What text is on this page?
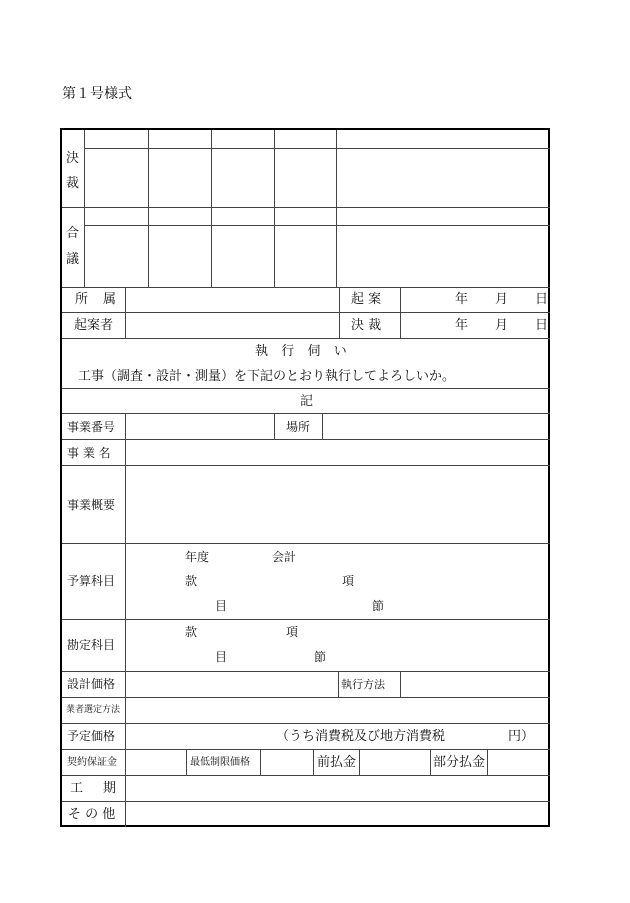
第１号様式
決
裁
合
議
所 属	起 案	年 月 日
起案者	決 裁	年 月 日
執 行 伺 い
工事（調査・設計・測量）を下記のとおり執行してよろしいか。
記
事業番号	場所
事 業 名
事業概要
予算科目
年度	会計
款	項
目	節
勘定科目
款	項
目	節
設計価格	執行方法
業者選定方法
予定価格	（うち消費税及び地方消費税	円）
契約保証金	最低制限価格	前払金	部分払金
工 期
そ の 他
